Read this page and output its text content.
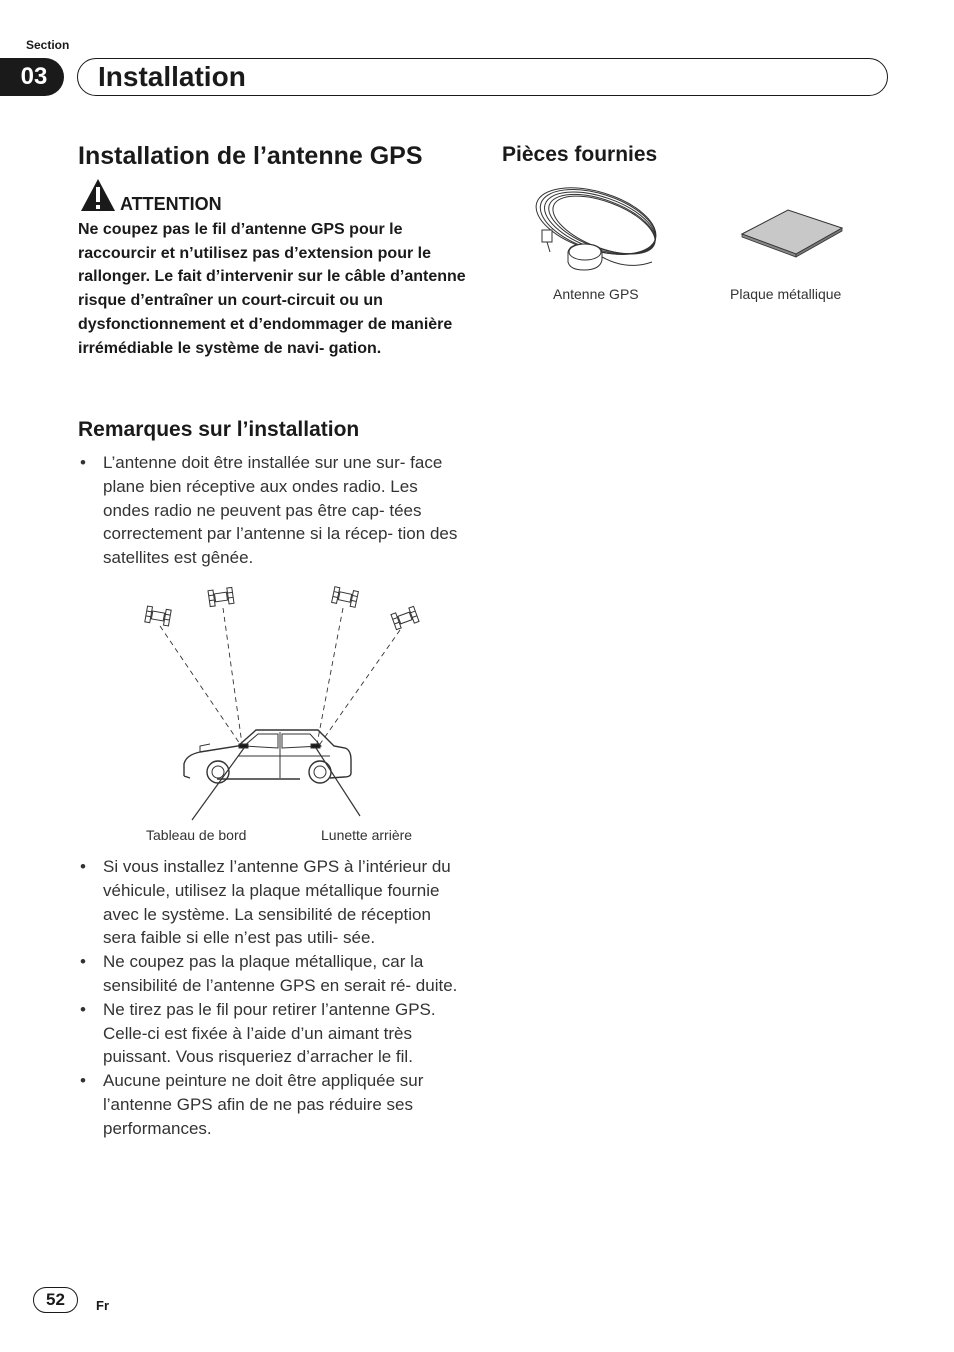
Section
03	Installation
Installation de l’antenne GPS
ATTENTION
Ne coupez pas le fil d’antenne GPS pour le raccourcir et n’utilisez pas d’extension pour le rallonger. Le fait d’intervenir sur le câble d’antenne risque d’entraîner un court-circuit ou un dysfonctionnement et d’endommager de manière irrémédiable le système de navi- gation.
Remarques sur l’installation
• L’antenne doit être installée sur une sur- face plane bien réceptive aux ondes radio. Les ondes radio ne peuvent pas être cap- tées correctement par l’antenne si la récep- tion des satellites est gênée.
Tableau de bord	Lunette arrière
• Si vous installez l’antenne GPS à l’intérieur du véhicule, utilisez la plaque métallique fournie avec le système. La sensibilité de réception sera faible si elle n’est pas utili- sée.
• Ne coupez pas la plaque métallique, car la sensibilité de l’antenne GPS en serait ré- duite.
• Ne tirez pas le fil pour retirer l’antenne GPS. Celle-ci est fixée à l’aide d’un aimant très puissant. Vous risqueriez d’arracher le fil.
• Aucune peinture ne doit être appliquée sur l’antenne GPS afin de ne pas réduire ses performances.
Pièces fournies
Antenne GPS	Plaque métallique
52	Fr
